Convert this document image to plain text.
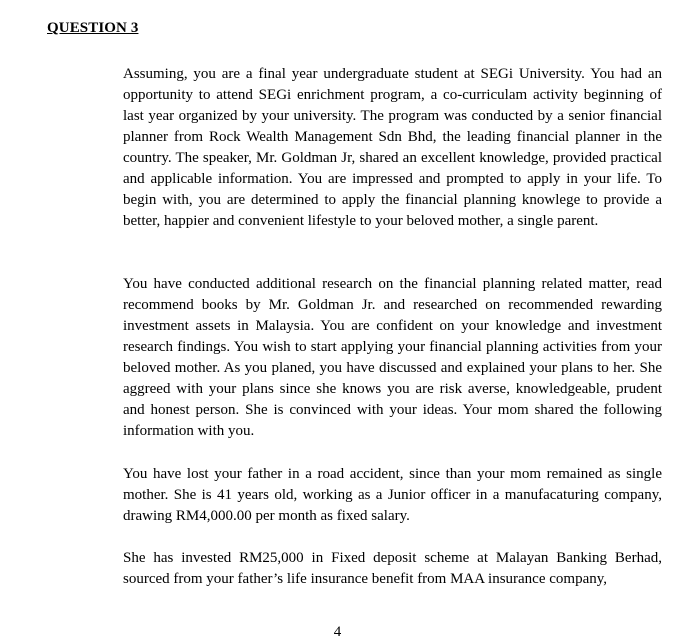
QUESTION 3

Assuming, you are a final year undergraduate student at SEGi University. You had an opportunity to attend SEGi enrichment program, a co-curriculam activity beginning of last year organized by your university. The program was conducted by a senior financial planner from Rock Wealth Management Sdn Bhd, the leading financial planner in the country. The speaker, Mr. Goldman Jr, shared an excellent knowledge, provided practical and applicable information. You are impressed and prompted to apply in your life. To begin with, you are determined to apply the financial planning knowlege to provide a better, happier and convenient lifestyle to your beloved mother, a single parent.

You have conducted additional research on the financial planning related matter, read recommend books by Mr. Goldman Jr. and researched on recommended rewarding investment assets in Malaysia. You are confident on your knowledge and investment research findings. You wish to start applying your financial planning activities from your beloved mother. As you planed, you have discussed and explained your plans to her. She aggreed with your plans since she knows you are risk averse, knowledgeable, prudent and honest person. She is convinced with your ideas. Your mom shared the following information with you.

You have lost your father in a road accident, since than your mom remained as single mother. She is 41 years old, working as a Junior officer in a manufacaturing company, drawing RM4,000.00 per month as fixed salary.

She has invested RM25,000 in Fixed deposit scheme at Malayan Banking Berhad, sourced from your father’s life insurance benefit from MAA insurance company,

4
